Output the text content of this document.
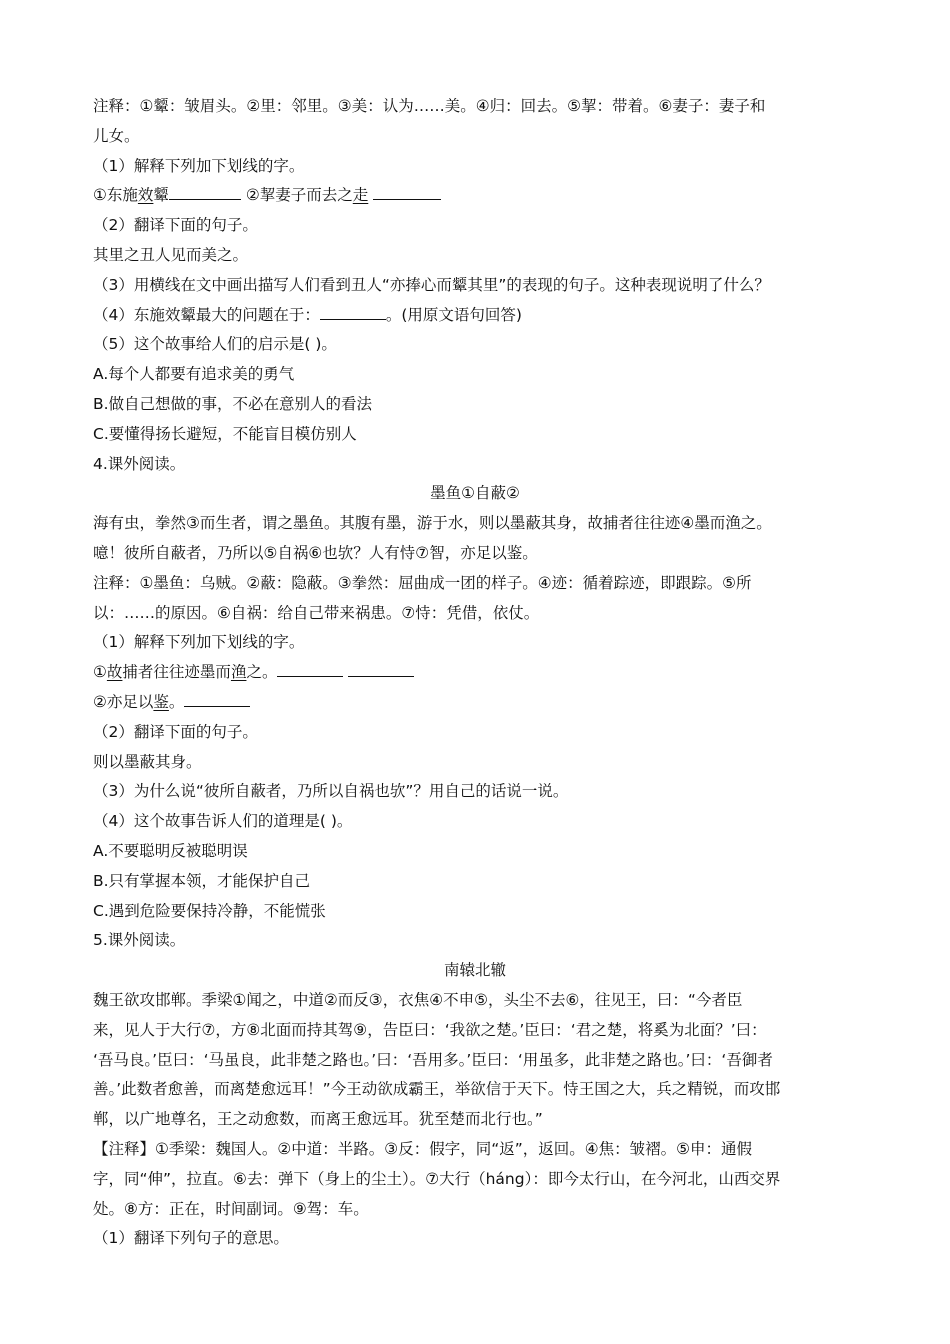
注释：①颦：皱眉头。②里：邻里。③美：认为……美。④归：回去。⑤挈：带着。⑥妻子：妻子和
儿女。
（1）解释下列加下划线的字。
①东施效颦	②挈妻子而去之走
（2）翻译下面的句子。
其里之丑人见而美之。
（3）用横线在文中画出描写人们看到丑人“亦捧心而颦其里”的表现的句子。这种表现说明了什么？
（4）东施效颦最大的问题在于：	。(用原文语句回答)
（5）这个故事给人们的启示是( )。
A.每个人都要有追求美的勇气
B.做自己想做的事，不必在意别人的看法
C.要懂得扬长避短，不能盲目模仿别人
4.课外阅读。
墨鱼①自蔽②
海有虫，拳然③而生者，谓之墨鱼。其腹有墨，游于水，则以墨蔽其身，故捕者往往迹④墨而渔之。
噫！彼所自蔽者，乃所以⑤自祸⑥也欤？人有恃⑦智，亦足以鉴。
注释：①墨鱼：乌贼。②蔽：隐蔽。③拳然：屈曲成一团的样子。④迹：循着踪迹，即跟踪。⑤所
以：……的原因。⑥自祸：给自己带来祸患。⑦恃：凭借，依仗。
（1）解释下列加下划线的字。
①故捕者往往迹墨而渔之。
②亦足以鉴。
（2）翻译下面的句子。
则以墨蔽其身。
（3）为什么说“彼所自蔽者，乃所以自祸也欤”？用自己的话说一说。
（4）这个故事告诉人们的道理是( )。
A.不要聪明反被聪明误
B.只有掌握本领，才能保护自己
C.遇到危险要保持冷静，不能慌张
5.课外阅读。
南辕北辙
魏王欲攻邯郸。季梁①闻之，中道②而反③，衣焦④不申⑤，头尘不去⑥，往见王，曰：“今者臣
来，见人于大行⑦，方⑧北面而持其驾⑨，告臣曰：‘我欲之楚。’臣曰：‘君之楚，将奚为北面？’曰：
‘吾马良。’臣曰：‘马虽良，此非楚之路也。’曰：‘吾用多。’臣曰：‘用虽多，此非楚之路也。’曰：‘吾御者
善。’此数者愈善，而离楚愈远耳！”今王动欲成霸王，举欲信于天下。恃王国之大，兵之精锐，而攻邯
郸，以广地尊名，王之动愈数，而离王愈远耳。犹至楚而北行也。”
【注释】①季梁：魏国人。②中道：半路。③反：假字，同“返”，返回。④焦：皱褶。⑤申：通假
字，同“伸”，拉直。⑥去：弹下（身上的尘土）。⑦大行（háng）：即今太行山，在今河北，山西交界
处。⑧方：正在，时间副词。⑨驾：车。
（1）翻译下列句子的意思。
